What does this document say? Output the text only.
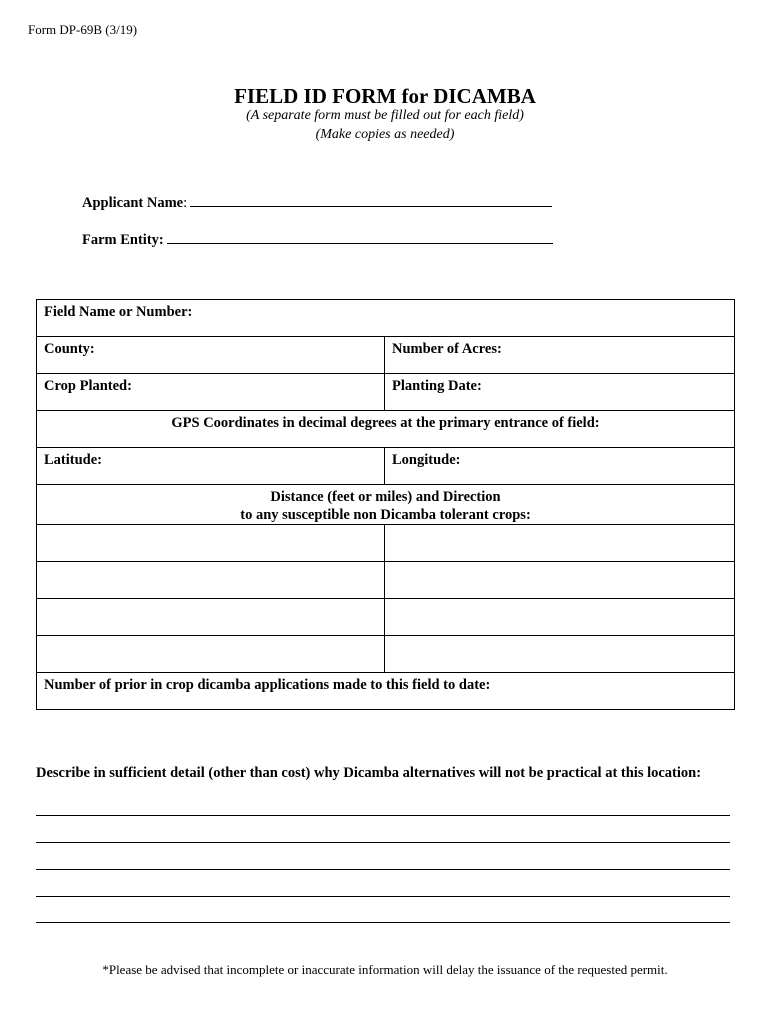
Form DP-69B (3/19)
FIELD ID FORM for DICAMBA
(A separate form must be filled out for each field)
(Make copies as needed)
Applicant Name:
Farm Entity:
Field Name or Number:	

County:	Number of Acres:

Crop Planted:	Planting Date:

GPS Coordinates in decimal degrees at the primary entrance of field:	

Latitude:	Longitude:

Distance (feet or miles) and Direction
to any susceptible non Dicamba tolerant crops:	

Number of prior in crop dicamba applications made to this field to date:	
Describe in sufficient detail (other than cost) why Dicamba alternatives will not be practical at this location:
*Please be advised that incomplete or inaccurate information will delay the issuance of the requested permit.
